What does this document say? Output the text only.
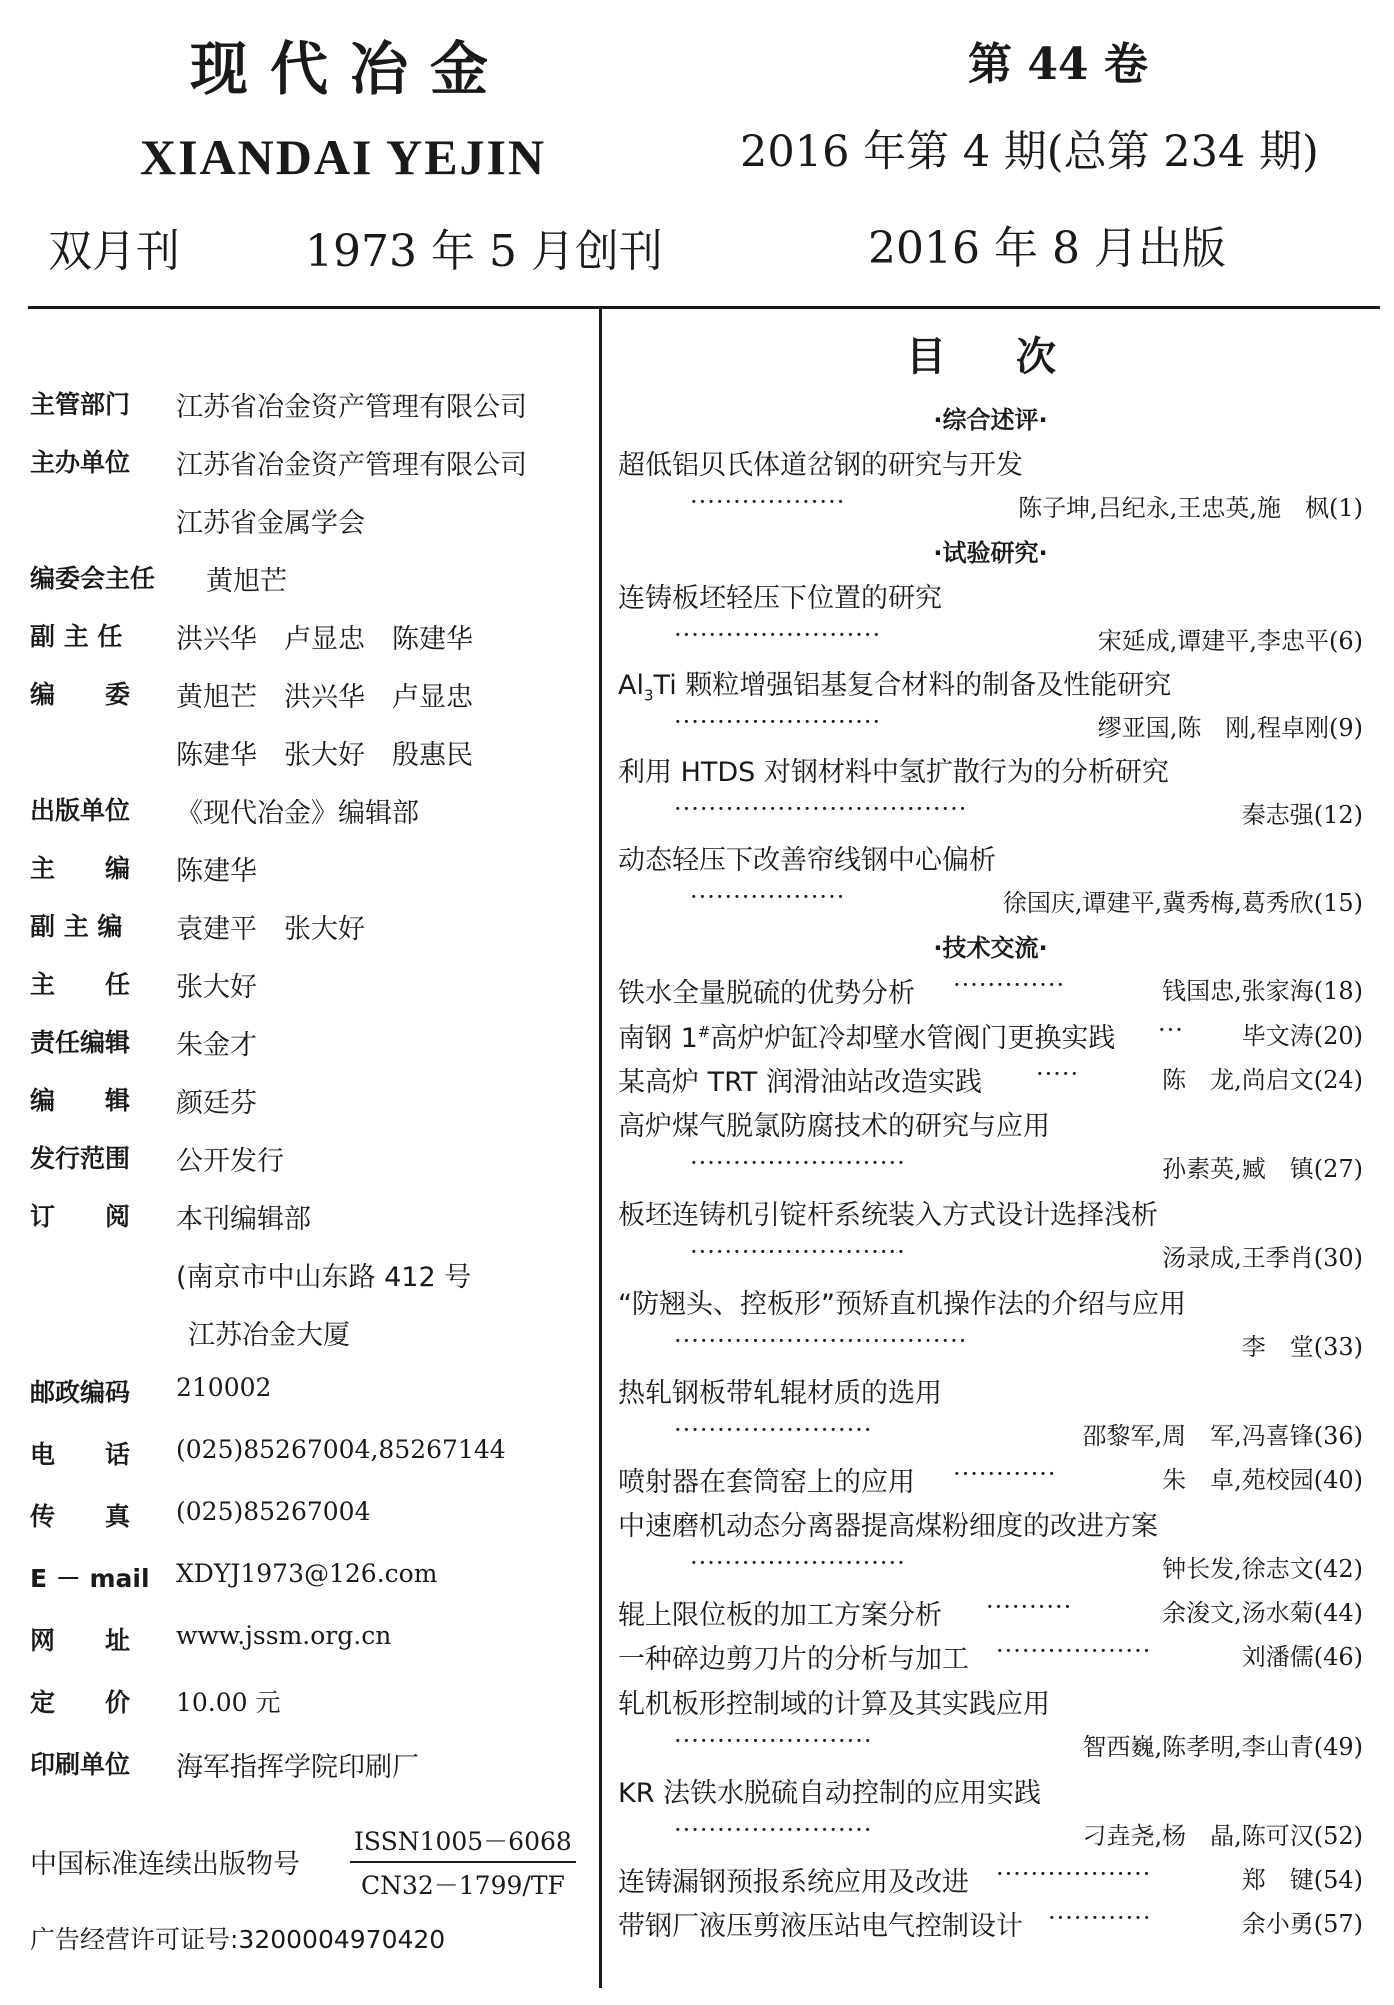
现代冶金
XIANDAI YEJIN
双月刊	1973 年 5 月创刊
第 44 卷
2016 年第 4 期(总第 234 期)
2016 年 8 月出版
主管部门 江苏省冶金资产管理有限公司
主办单位 江苏省冶金资产管理有限公司
江苏省金属学会
编委会主任 黄旭芒
副 主 任 洪兴华　卢显忠　陈建华
编　　委 黄旭芒　洪兴华　卢显忠
陈建华　张大好　殷惠民
出版单位 《现代冶金》编辑部
主　　编 陈建华
副 主 编 袁建平　张大好
主　　任 张大好
责任编辑 朱金才
编　　辑 颜廷芬
发行范围 公开发行
订　　阅 本刊编辑部
(南京市中山东路 412 号
江苏冶金大厦
邮政编码 210002
电　　话 (025)85267004,85267144
传　　真 (025)85267004
E － mail XDYJ1973@126.com
网　　址 www.jssm.org.cn
定　　价 10.00 元
印刷单位 海军指挥学院印刷厂
中国标准连续出版物号
ISSN1005－6068
CN32－1799/TF
广告经营许可证号:3200004970420
目次
·综合述评·
超低铝贝氏体道岔钢的研究与开发
··················	陈子坤,吕纪永,王忠英,施　枫(1)
·试验研究·
连铸板坯轻压下位置的研究
························	宋延成,谭建平,李忠平(6)
$Al_3Ti$ 颗粒增强铝基复合材料的制备及性能研究
························	缪亚国,陈　刚,程卓刚(9)
利用 HTDS 对钢材料中氢扩散行为的分析研究
··································	秦志强(12)
动态轻压下改善帘线钢中心偏析
··················	徐国庆,谭建平,冀秀梅,葛秀欣(15)
·技术交流·
铁水全量脱硫的优势分析 ·············	钱国忠,张家海(18)
南钢 1#高炉炉缸冷却壁水管阀门更换实践 ··· 毕文涛(20)
某高炉 TRT 润滑油站改造实践 ·····	陈　龙,尚启文(24)
高炉煤气脱氯防腐技术的研究与应用
·························	孙素英,臧　镇(27)
板坯连铸机引锭杆系统装入方式设计选择浅析
·························	汤录成,王季肖(30)
“防翘头、控板形”预矫直机操作法的介绍与应用
··································	李　堂(33)
热轧钢板带轧辊材质的选用
·······················	邵黎军,周　军,冯喜锋(36)
喷射器在套筒窑上的应用 ············	朱　卓,苑校园(40)
中速磨机动态分离器提高煤粉细度的改进方案
·························	钟长发,徐志文(42)
辊上限位板的加工方案分析 ··········	余浚文,汤水菊(44)
一种碎边剪刀片的分析与加工 ··················	刘潘儒(46)
轧机板形控制域的计算及其实践应用
·······················	智西巍,陈孝明,李山青(49)
KR 法铁水脱硫自动控制的应用实践
·······················	刁垚尧,杨　晶,陈可汉(52)
连铸漏钢预报系统应用及改进 ··················	郑　键(54)
带钢厂液压剪液压站电气控制设计 ············	余小勇(57)
